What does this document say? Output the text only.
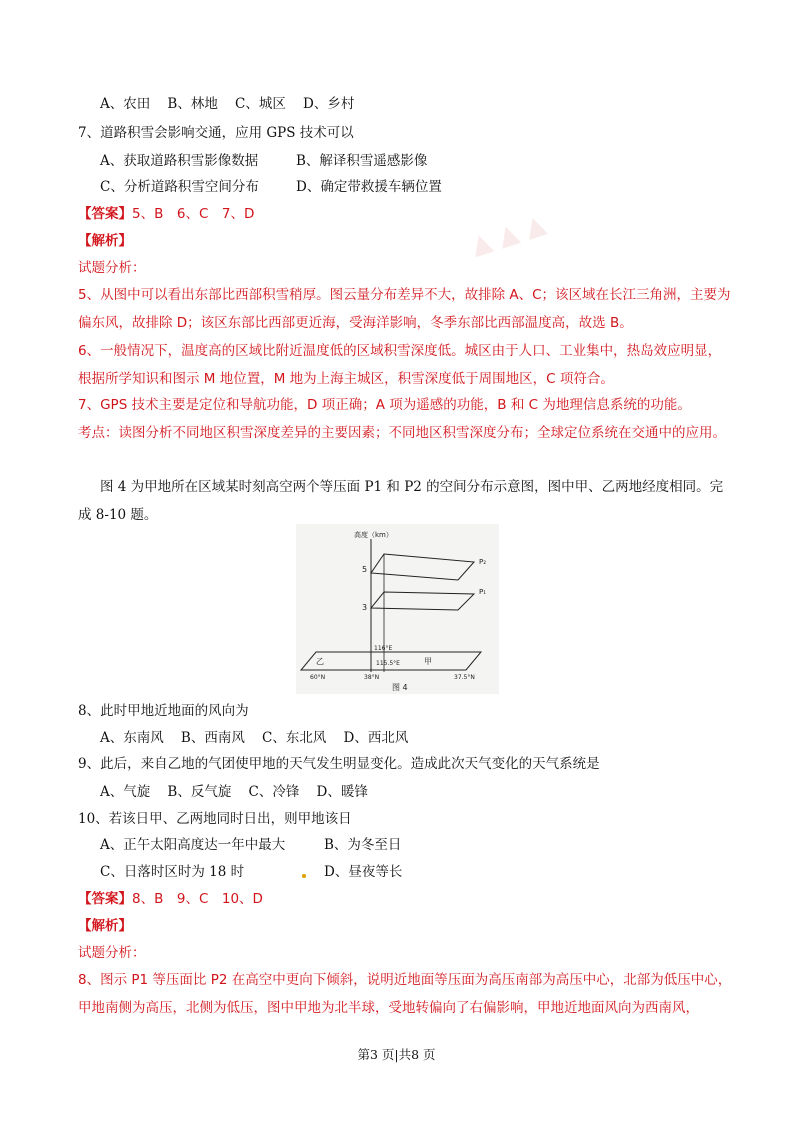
▲ ▲ ▲
A、农田 B、林地 C、城区 D、乡村
7、道路积雪会影响交通，应用 GPS 技术可以
A、获取道路积雪影像数据	B、解译积雪遥感影像
C、分析道路积雪空间分布	D、确定带救援车辆位置
【答案】5、B　6、C　7、D
【解析】
试题分析：
5、从图中可以看出东部比西部积雪稍厚。图云量分布差异不大，故排除 A、C；该区域在长江三角洲，主要为偏东风，故排除 D；该区东部比西部更近海，受海洋影响，冬季东部比西部温度高，故选 B。
6、一般情况下，温度高的区域比附近温度低的区域积雪深度低。城区由于人口、工业集中，热岛效应明显，根据所学知识和图示 M 地位置，M 地为上海主城区，积雪深度低于周围地区，C 项符合。
7、GPS 技术主要是定位和导航功能，D 项正确；A 项为遥感的功能，B 和 C 为地理信息系统的功能。
考点：读图分析不同地区积雪深度差异的主要因素；不同地区积雪深度分布；全球定位系统在交通中的应用。
图 4 为甲地所在区域某时刻高空两个等压面 P1 和 P2 的空间分布示意图，图中甲、乙两地经度相同。完成 8-10 题。
高度（km）
5
3
P₂
P₁
116°E
115.5°E
乙	甲
60°N	38°N	37.5°N
图 4
8、此时甲地近地面的风向为
A、东南风 B、西南风 C、东北风 D、西北风
9、此后，来自乙地的气团使甲地的天气发生明显变化。造成此次天气变化的天气系统是
A、气旋 B、反气旋 C、冷锋 D、暖锋
10、若该日甲、乙两地同时日出，则甲地该日
A、正午太阳高度达一年中最大	B、为冬至日
C、日落时区时为 18 时	D、昼夜等长
【答案】8、B　9、C　10、D
【解析】
试题分析：
8、图示 P1 等压面比 P2 在高空中更向下倾斜，说明近地面等压面为高压南部为高压中心，北部为低压中心，甲地南侧为高压，北侧为低压，图中甲地为北半球，受地转偏向了右偏影响，甲地近地面风向为西南风，
第3 页|共8 页
